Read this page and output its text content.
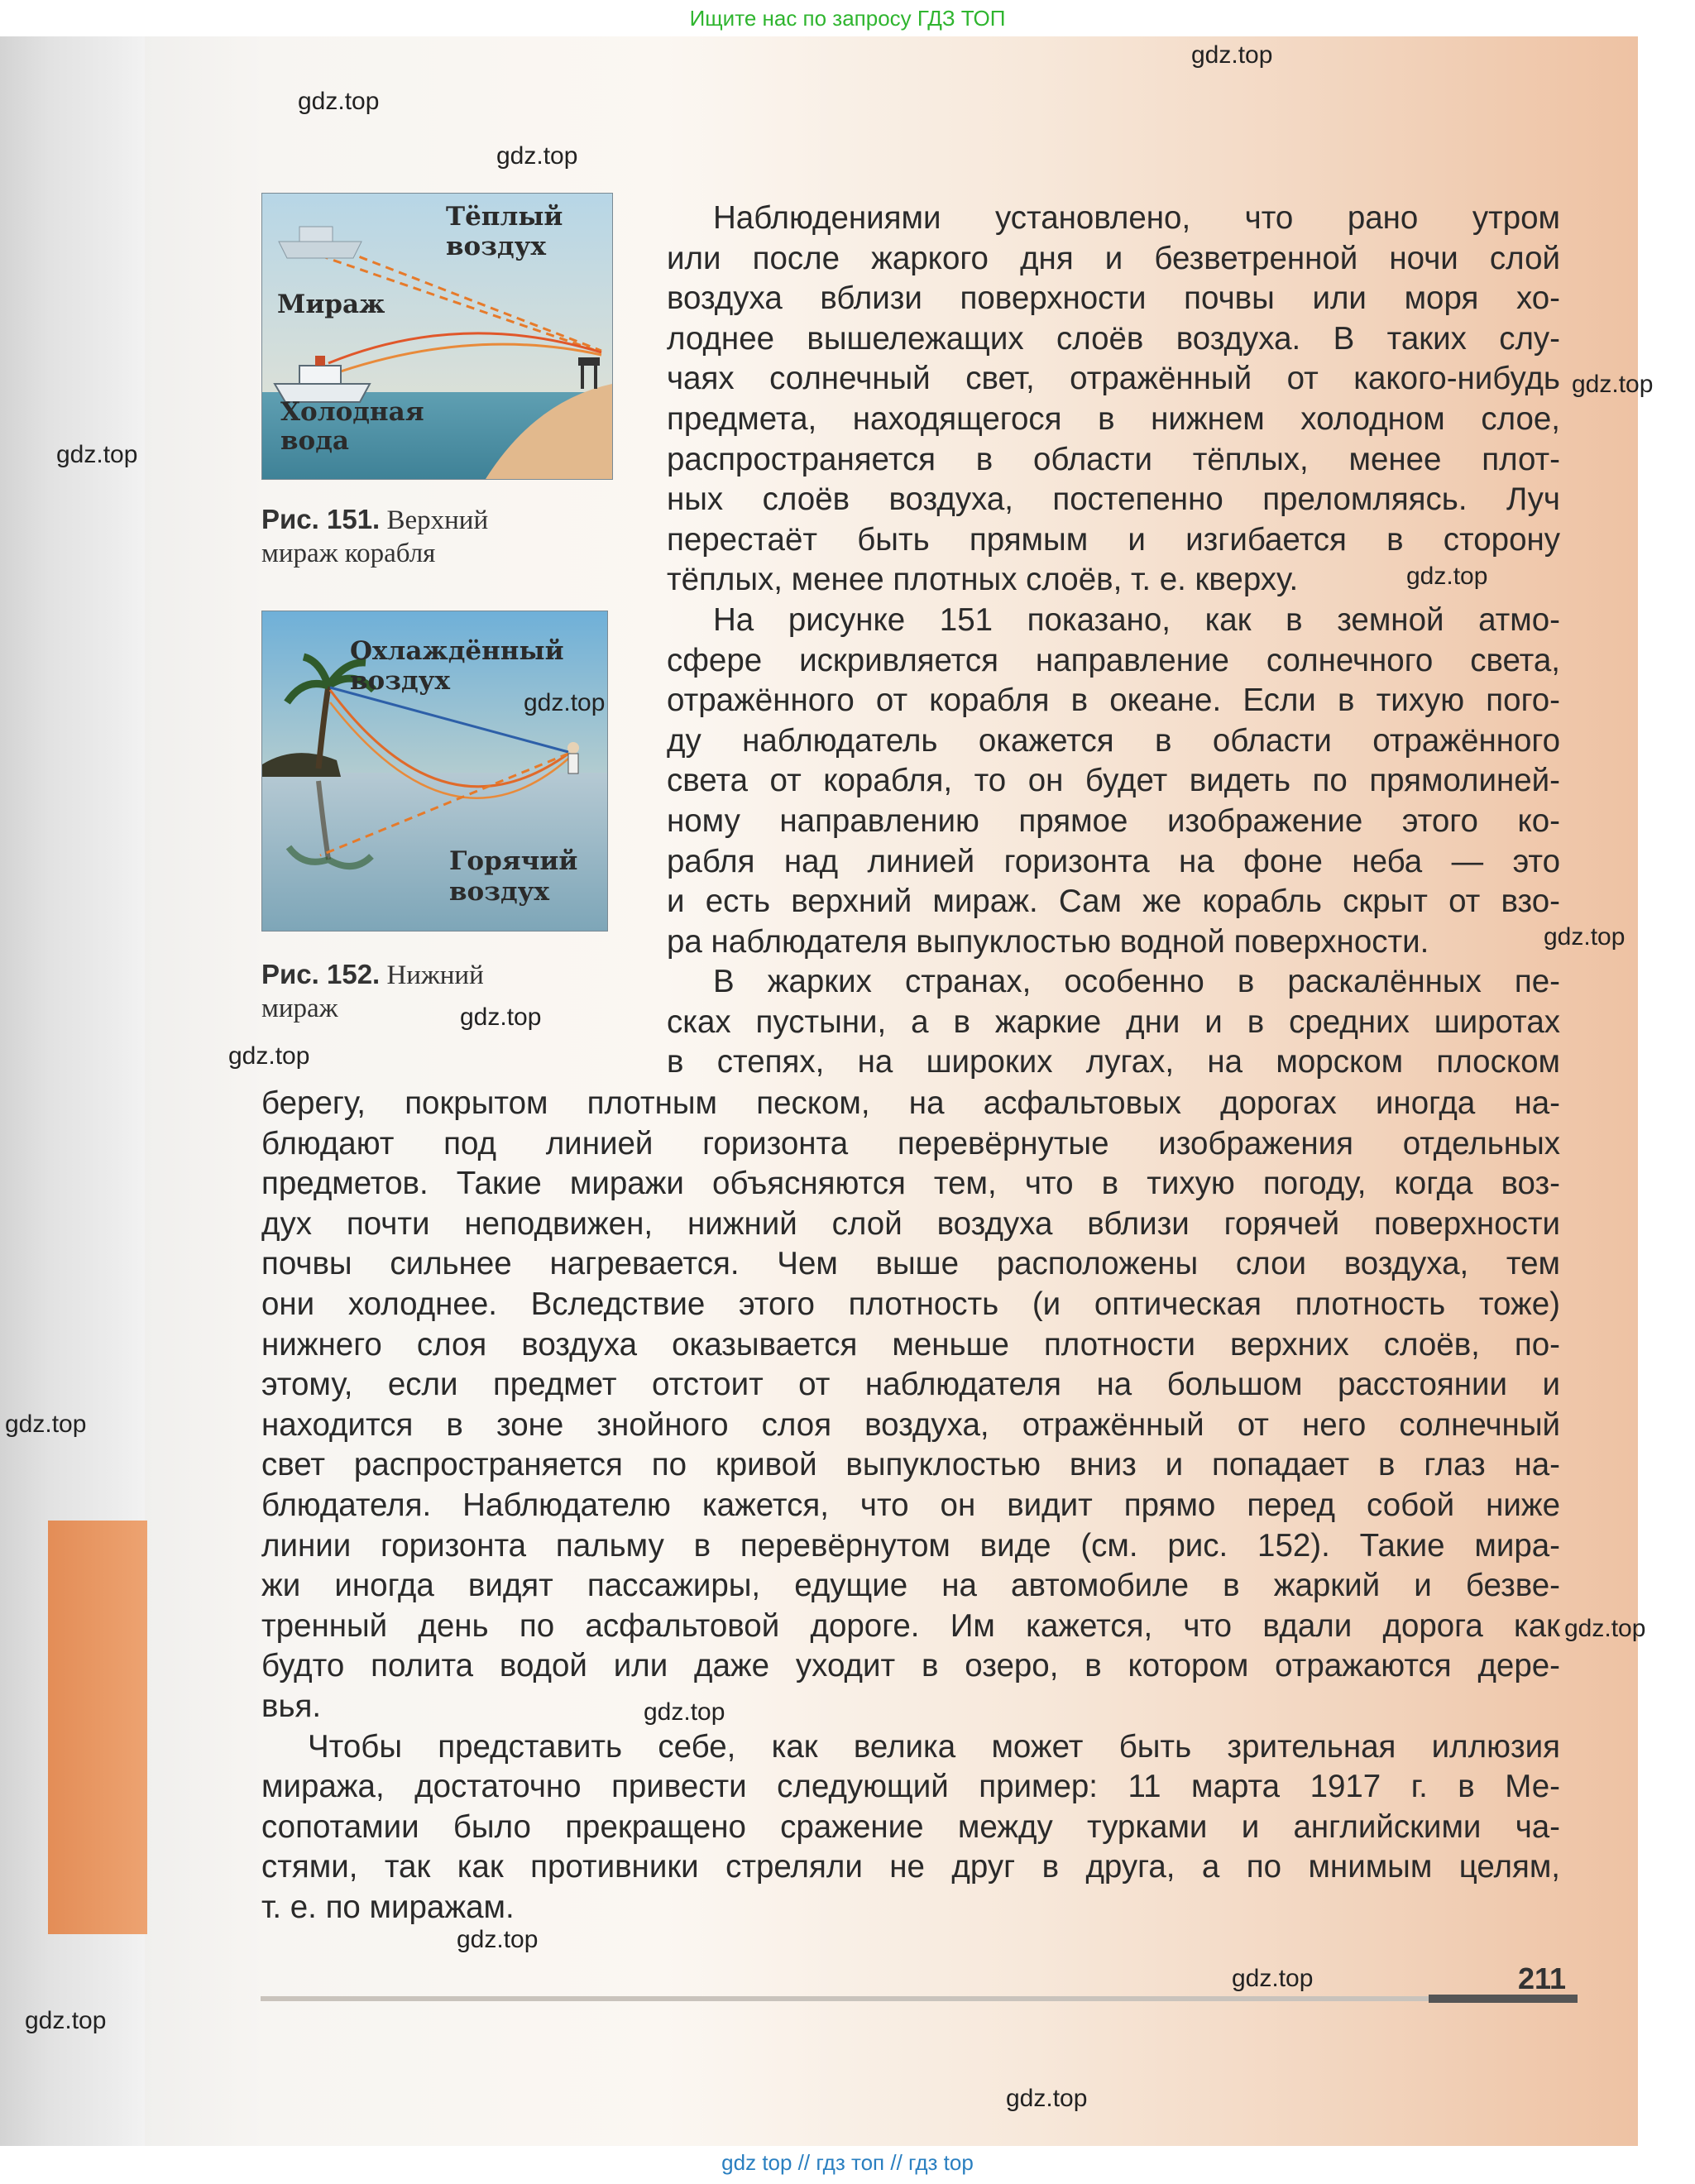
Ищите нас по запросу ГДЗ ТОП
Тёплый
воздух
Мираж
Холодная
вода
Рис. 151. Верхний
мираж корабля
Охлаждённый
воздух
Горячий
воздух
Рис. 152. Нижний
мираж
Наблюдениями установлено, что рано утром
или после жаркого дня и безветренной ночи слой
воздуха вблизи поверхности почвы или моря хо-
лоднее вышележащих слоёв воздуха. В таких слу-
чаях солнечный свет, отражённый от какого-нибудь
предмета, находящегося в нижнем холодном слое,
распространяется в области тёплых, менее плот-
ных слоёв воздуха, постепенно преломляясь. Луч
перестаёт быть прямым и изгибается в сторону
тёплых, менее плотных слоёв, т. е. кверху.
На рисунке 151 показано, как в земной атмо-
сфере искривляется направление солнечного света,
отражённого от корабля в океане. Если в тихую пого-
ду наблюдатель окажется в области отражённого
света от корабля, то он будет видеть по прямолиней-
ному направлению прямое изображение этого ко-
рабля над линией горизонта на фоне неба — это
и есть верхний мираж. Сам же корабль скрыт от взо-
ра наблюдателя выпуклостью водной поверхности.
В жарких странах, особенно в раскалённых пе-
сках пустыни, а в жаркие дни и в средних широтах
в степях, на широких лугах, на морском плоском
берегу, покрытом плотным песком, на асфальтовых дорогах иногда на-
блюдают под линией горизонта перевёрнутые изображения отдельных
предметов. Такие миражи объясняются тем, что в тихую погоду, когда воз-
дух почти неподвижен, нижний слой воздуха вблизи горячей поверхности
почвы сильнее нагревается. Чем выше расположены слои воздуха, тем
они холоднее. Вследствие этого плотность (и оптическая плотность тоже)
нижнего слоя воздуха оказывается меньше плотности верхних слоёв, по-
этому, если предмет отстоит от наблюдателя на большом расстоянии и
находится в зоне знойного слоя воздуха, отражённый от него солнечный
свет распространяется по кривой выпуклостью вниз и попадает в глаз на-
блюдателя. Наблюдателю кажется, что он видит прямо перед собой ниже
линии горизонта пальму в перевёрнутом виде (см. рис. 152). Такие мира-
жи иногда видят пассажиры, едущие на автомобиле в жаркий и безве-
тренный день по асфальтовой дороге. Им кажется, что вдали дорога как
будто полита водой или даже уходит в озеро, в котором отражаются дере-
вья.
Чтобы представить себе, как велика может быть зрительная иллюзия
миража, достаточно привести следующий пример: 11 марта 1917 г. в Ме-
сопотамии было прекращено сражение между турками и английскими ча-
стями, так как противники стреляли не друг в друга, а по мнимым целям,
т. е. по миражам.
211
gdz.top
gdz.top
gdz.top
gdz.top
gdz.top
gdz.top
gdz.top
gdz.top
gdz.top
gdz.top
gdz.top
gdz.top
gdz.top
gdz.top
gdz.top
gdz.top
gdz.top
gdz top // гдз топ // гдз top
